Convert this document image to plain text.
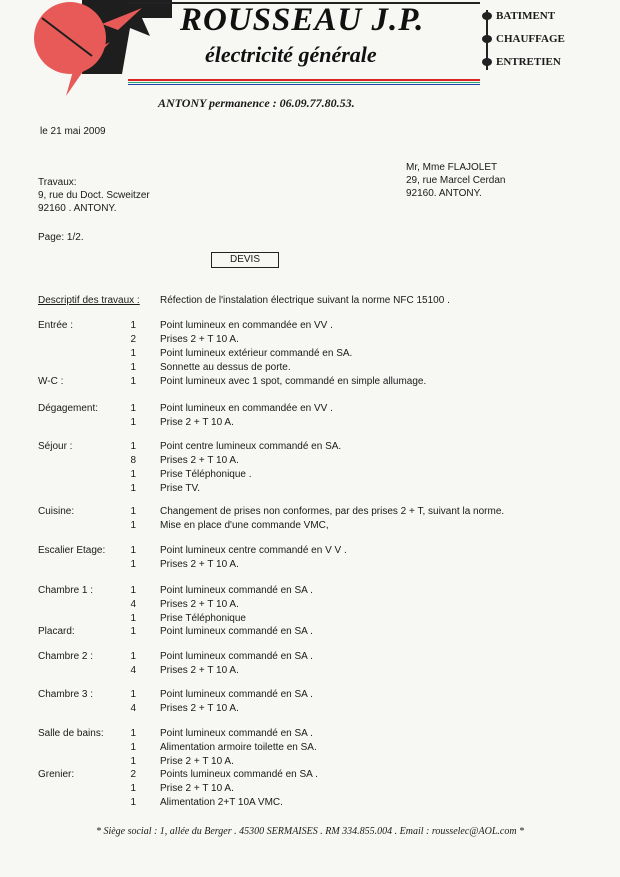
ROUSSEAU J.P.
électricité générale
BATIMENT
CHAUFFAGE
ENTRETIEN
ANTONY permanence : 06.09.77.80.53.
le 21 mai 2009
Travaux:
9, rue du Doct. Scweitzer
92160 . ANTONY.
Mr, Mme FLAJOLET
29, rue Marcel Cerdan
92160. ANTONY.
Page: 1/2.
DEVIS
Descriptif des travaux : Réfection de l'instalation électrique suivant la norme NFC 15100 .
Entrée :	1 Point lumineux en commandée en VV .
2 Prises 2 + T 10 A.
1 Point lumineux extérieur commandé en SA.
1 Sonnette au dessus de porte.
W-C :	1 Point lumineux avec 1 spot, commandé en simple allumage.
Dégagement:	1 Point lumineux en commandée en VV .
1 Prise 2 + T 10 A.
Séjour :	1 Point centre lumineux commandé en SA.
8 Prises 2 + T 10 A.
1 Prise Téléphonique .
1 Prise TV.
Cuisine:	1 Changement de prises non conformes, par des prises 2 + T, suivant la norme.
1 Mise en place d'une commande VMC,
Escalier Etage:	1 Point lumineux centre commandé en V V .
1 Prises 2 + T 10 A.
Chambre 1 :	1 Point lumineux commandé en SA .
4 Prises 2 + T 10 A.
1 Prise Téléphonique
Placard:	1 Point lumineux commandé en SA .
Chambre 2 :	1 Point lumineux commandé en SA .
4 Prises 2 + T 10 A.
Chambre 3 :	1 Point lumineux commandé en SA .
4 Prises 2 + T 10 A.
Salle de bains:	1 Point lumineux commandé en SA .
1 Alimentation armoire toilette en SA.
1 Prise 2 + T 10 A.
Grenier:	2 Points lumineux commandé en SA .
1 Prise 2 + T 10 A.
1 Alimentation 2+T 10A VMC.
* Siège social : 1, allée du Berger . 45300 SERMAISES . RM 334.855.004 . Email : rousselec@AOL.com *
